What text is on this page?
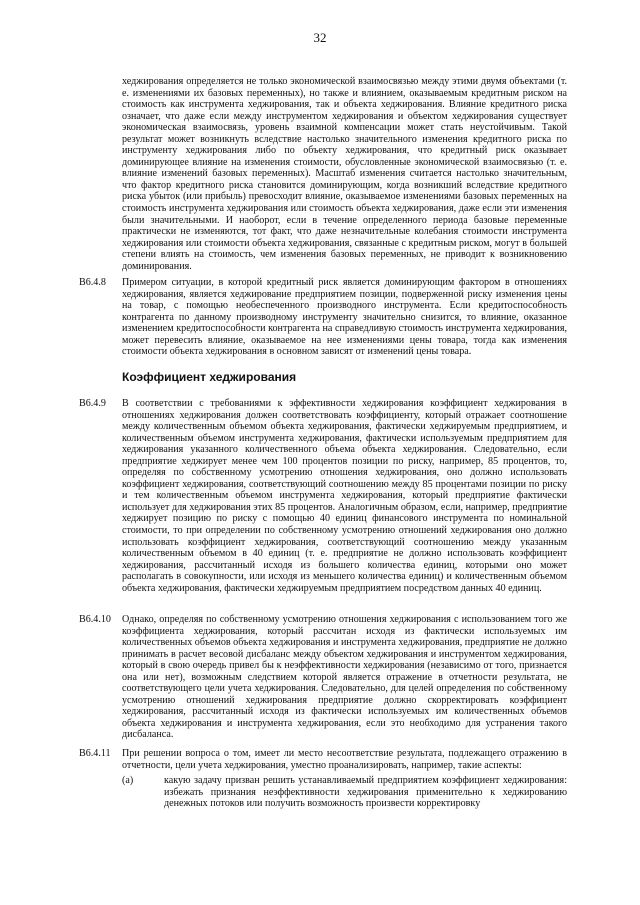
32
хеджирования определяется не только экономической взаимосвязью между этими двумя объектами (т. е. изменениями их базовых переменных), но также и влиянием, оказываемым кредитным риском на стоимость как инструмента хеджирования, так и объекта хеджирования. Влияние кредитного риска означает, что даже если между инструментом хеджирования и объектом хеджирования существует экономическая взаимосвязь, уровень взаимной компенсации может стать неустойчивым. Такой результат может возникнуть вследствие настолько значительного изменения кредитного риска по инструменту хеджирования либо по объекту хеджирования, что кредитный риск оказывает доминирующее влияние на изменения стоимости, обусловленные экономической взаимосвязью (т. е. влияние изменений базовых переменных). Масштаб изменения считается настолько значительным, что фактор кредитного риска становится доминирующим, когда возникший вследствие кредитного риска убыток (или прибыль) превосходит влияние, оказываемое изменениями базовых переменных на стоимость инструмента хеджирования или стоимость объекта хеджирования, даже если эти изменения были значительными. И наоборот, если в течение определенного периода базовые переменные практически не изменяются, тот факт, что даже незначительные колебания стоимости инструмента хеджирования или стоимости объекта хеджирования, связанные с кредитным риском, могут в большей степени влиять на стоимость, чем изменения базовых переменных, не приводит к возникновению доминирования.
B6.4.8 Примером ситуации, в которой кредитный риск является доминирующим фактором в отношениях хеджирования, является хеджирование предприятием позиции, подверженной риску изменения цены на товар, с помощью необеспеченного производного инструмента. Если кредитоспособность контрагента по данному производному инструменту значительно снизится, то влияние, оказанное изменением кредитоспособности контрагента на справедливую стоимость инструмента хеджирования, может перевесить влияние, оказываемое на нее изменениями цены товара, тогда как изменения стоимости объекта хеджирования в основном зависят от изменений цены товара.
Коэффициент хеджирования
B6.4.9 В соответствии с требованиями к эффективности хеджирования коэффициент хеджирования в отношениях хеджирования должен соответствовать коэффициенту, который отражает соотношение между количественным объемом объекта хеджирования, фактически хеджируемым предприятием, и количественным объемом инструмента хеджирования, фактически используемым предприятием для хеджирования указанного количественного объема объекта хеджирования. Следовательно, если предприятие хеджирует менее чем 100 процентов позиции по риску, например, 85 процентов, то, определяя по собственному усмотрению отношения хеджирования, оно должно использовать коэффициент хеджирования, соответствующий соотношению между 85 процентами позиции по риску и тем количественным объемом инструмента хеджирования, который предприятие фактически использует для хеджирования этих 85 процентов. Аналогичным образом, если, например, предприятие хеджирует позицию по риску с помощью 40 единиц финансового инструмента по номинальной стоимости, то при определении по собственному усмотрению отношений хеджирования оно должно использовать коэффициент хеджирования, соответствующий соотношению между указанным количественным объемом в 40 единиц (т. е. предприятие не должно использовать коэффициент хеджирования, рассчитанный исходя из большего количества единиц, которыми оно может располагать в совокупности, или исходя из меньшего количества единиц) и количественным объемом объекта хеджирования, фактически хеджируемым предприятием посредством данных 40 единиц.
B6.4.10 Однако, определяя по собственному усмотрению отношения хеджирования с использованием того же коэффициента хеджирования, который рассчитан исходя из фактически используемых им количественных объемов объекта хеджирования и инструмента хеджирования, предприятие не должно принимать в расчет весовой дисбаланс между объектом хеджирования и инструментом хеджирования, который в свою очередь привел бы к неэффективности хеджирования (независимо от того, признается она или нет), возможным следствием которой является отражение в отчетности результата, не соответствующего цели учета хеджирования. Следовательно, для целей определения по собственному усмотрению отношений хеджирования предприятие должно скорректировать коэффициент хеджирования, рассчитанный исходя из фактически используемых им количественных объемов объекта хеджирования и инструмента хеджирования, если это необходимо для устранения такого дисбаланса.
B6.4.11 При решении вопроса о том, имеет ли место несоответствие результата, подлежащего отражению в отчетности, цели учета хеджирования, уместно проанализировать, например, такие аспекты:
(a)	какую задачу призван решить устанавливаемый предприятием коэффициент хеджирования: избежать признания неэффективности хеджирования применительно к хеджированию денежных потоков или получить возможность произвести корректировку
